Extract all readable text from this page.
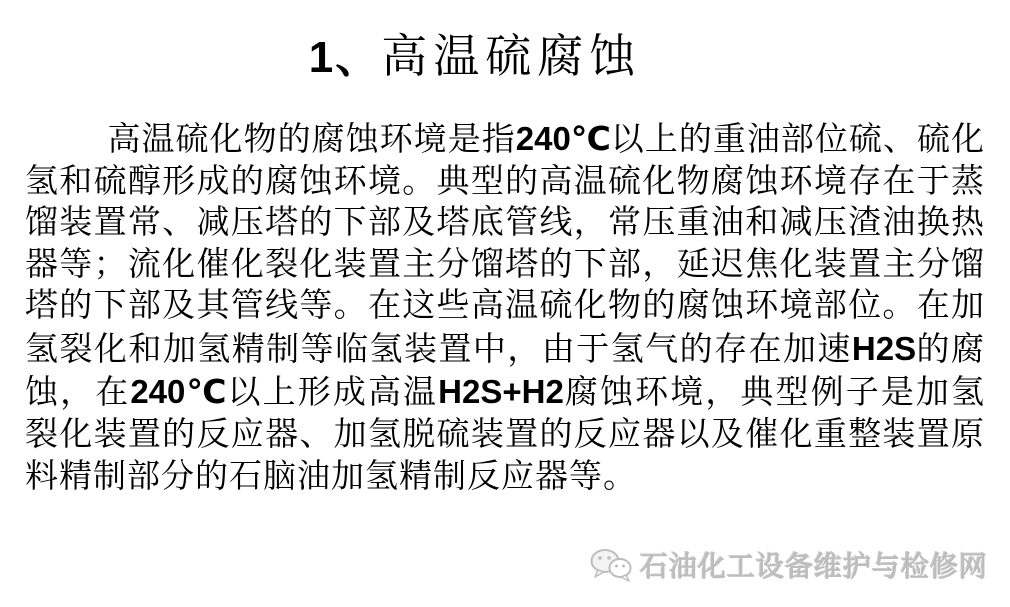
1、高温硫腐蚀

高温硫化物的腐蚀环境是指240℃以上的重油部位硫、硫化氢和硫醇形成的腐蚀环境。典型的高温硫化物腐蚀环境存在于蒸馏装置常、减压塔的下部及塔底管线，常压重油和减压渣油换热器等；流化催化裂化装置主分馏塔的下部，延迟焦化装置主分馏塔的下部及其管线等。在这些高温硫化物的腐蚀环境部位。在加氢裂化和加氢精制等临氢装置中，由于氢气的存在加速H2S的腐蚀，在240℃以上形成高温H2S+H2腐蚀环境，典型例子是加氢裂化装置的反应器、加氢脱硫装置的反应器以及催化重整装置原料精制部分的石脑油加氢精制反应器等。

石油化工设备维护与检修网
